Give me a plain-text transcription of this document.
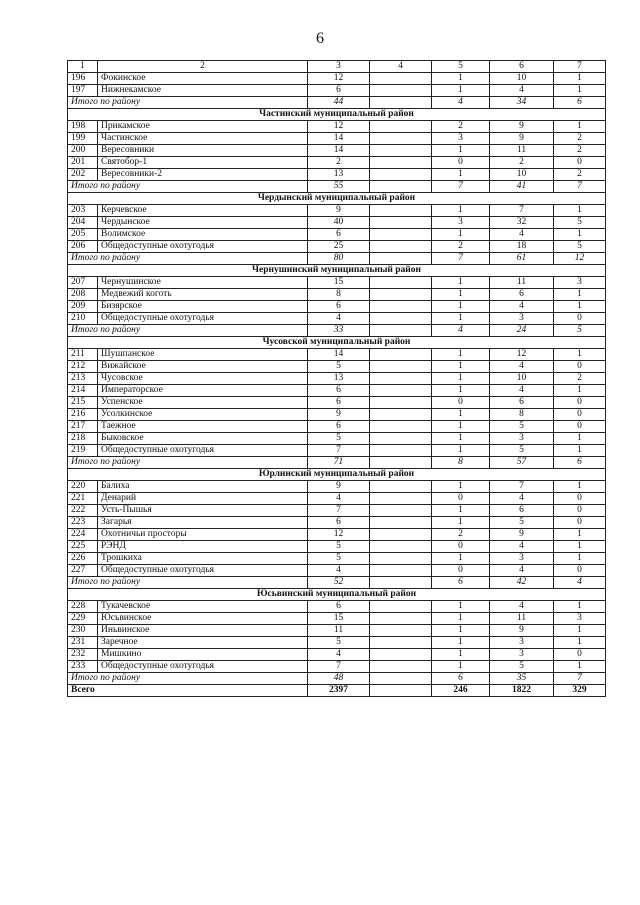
6
1	2	3	4	5	6	7
196	Фокинское	12		1	10	1
197	Нижнекамское	6		1	4	1
Итого по району		44		4	34	6
Частинский муниципальный район						
198	Прикамское	12		2	9	1
199	Частинское	14		3	9	2
200	Вересовники	14		1	11	2
201	Святобор-1	2		0	2	0
202	Вересовники-2	13		1	10	2
Итого по району		55		7	41	7
Чердынский муниципальный район						
203	Керчевское	9		1	7	1
204	Чердынское	40		3	32	5
205	Волимское	6		1	4	1
206	Общедоступные охотугодья	25		2	18	5
Итого по району		80		7	61	12
Чернушинский муниципальный район						
207	Чернушинское	15		1	11	3
208	Медвежий коготь	8		1	6	1
209	Бизярское	6		1	4	1
210	Общедоступные охотугодья	4		1	3	0
Итого по району		33		4	24	5
Чусовской муниципальный район						
211	Шушпанское	14		1	12	1
212	Вижайское	5		1	4	0
213	Чусовское	13		1	10	2
214	Императорское	6		1	4	1
215	Успенское	6		0	6	0
216	Усолкинское	9		1	8	0
217	Таежное	6		1	5	0
218	Быковское	5		1	3	1
219	Общедоступные охотугодья	7		1	5	1
Итого по району		71		8	57	6
Юрлинский муниципальный район						
220	Балиха	9		1	7	1
221	Денарий	4		0	4	0
222	Усть-Пышья	7		1	6	0
223	Загарья	6		1	5	0
224	Охотничьи просторы	12		2	9	1
225	РЭНД	5		0	4	1
226	Трошкиха	5		1	3	1
227	Общедоступные охотугодья	4		0	4	0
Итого по району		52		6	42	4
Юсьвинский муниципальный район						
228	Тукачевское	6		1	4	1
229	Юсьвинское	15		1	11	3
230	Иньвинское	11		1	9	1
231	Заречное	5		1	3	1
232	Мишкино	4		1	3	0
233	Общедоступные охотугодья	7		1	5	1
Итого по району		48		6	35	7
Всего		2397		246	1822	329
